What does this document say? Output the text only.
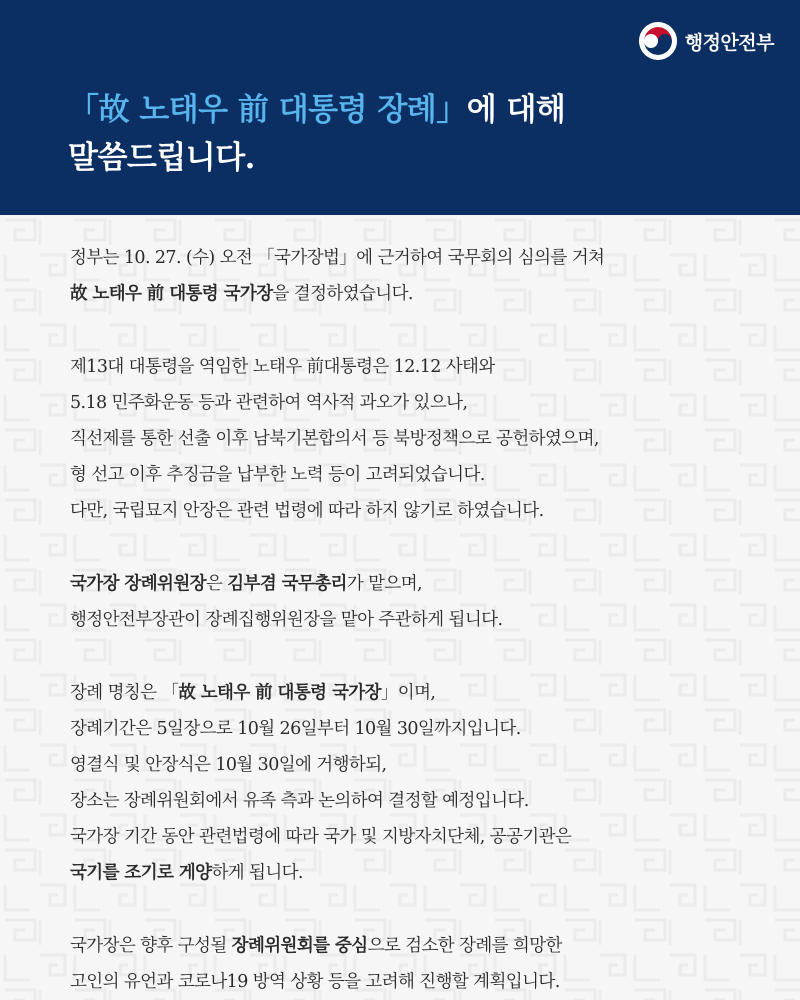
행정안전부
「故 노태우 前 대통령 장례」에 대해
말씀드립니다.
정부는 10. 27. (수) 오전 「국가장법」에 근거하여 국무회의 심의를 거쳐
故 노태우 前 대통령 국가장을 결정하였습니다.
제13대 대통령을 역임한 노태우 前대통령은 12.12 사태와
5.18 민주화운동 등과 관련하여 역사적 과오가 있으나,
직선제를 통한 선출 이후 남북기본합의서 등 북방정책으로 공헌하였으며,
형 선고 이후 추징금을 납부한 노력 등이 고려되었습니다.
다만, 국립묘지 안장은 관련 법령에 따라 하지 않기로 하였습니다.
국가장 장례위원장은 김부겸 국무총리가 맡으며,
행정안전부장관이 장례집행위원장을 맡아 주관하게 됩니다.
장례 명칭은 「故 노태우 前 대통령 국가장」이며,
장례기간은 5일장으로 10월 26일부터 10월 30일까지입니다.
영결식 및 안장식은 10월 30일에 거행하되,
장소는 장례위원회에서 유족 측과 논의하여 결정할 예정입니다.
국가장 기간 동안 관련법령에 따라 국가 및 지방자치단체, 공공기관은
국기를 조기로 게양하게 됩니다.
국가장은 향후 구성될 장례위원회를 중심으로 검소한 장례를 희망한
고인의 유언과 코로나19 방역 상황 등을 고려해 진행할 계획입니다.
